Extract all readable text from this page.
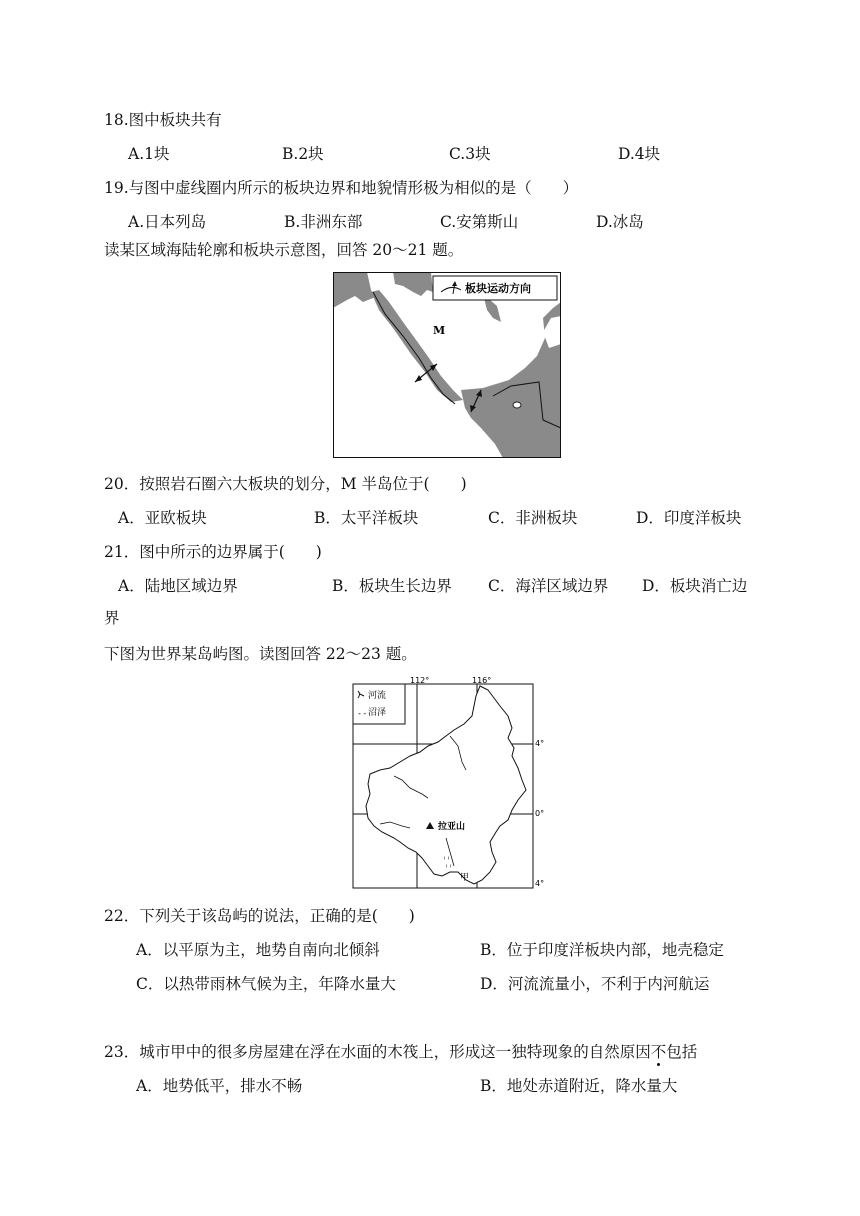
18.图中板块共有
A.1块	B.2块	C.3块	D.4块
19.与图中虚线圈内所示的板块边界和地貌情形极为相似的是（　　）
A.日本列岛	B.非洲东部	C.安第斯山	D.冰岛
读某区域海陆轮廓和板块示意图，回答 20～21 题。
板块运动方向
M
20．按照岩石圈六大板块的划分，M 半岛位于(　　)
A．亚欧板块	B．太平洋板块	C．非洲板块	D．印度洋板块
21．图中所示的边界属于(　　)
A．陆地区域边界	B．板块生长边界 C．海洋区域边界 D．板块消亡边
界
下图为世界某岛屿图。读图回答 22～23 题。
河流
- - 沼泽
112°	116°
4°
0°
4°
ⁱ ⁱ
ⁱ ⁱ
拉亚山
甲
22．下列关于该岛屿的说法，正确的是(　　)
A．以平原为主，地势自南向北倾斜	B．位于印度洋板块内部，地壳稳定
C．以热带雨林气候为主，年降水量大	D．河流流量小，不利于内河航运
23．城市甲中的很多房屋建在浮在水面的木筏上，形成这一独特现象的自然原因不包括
A．地势低平，排水不畅	B．地处赤道附近，降水量大
